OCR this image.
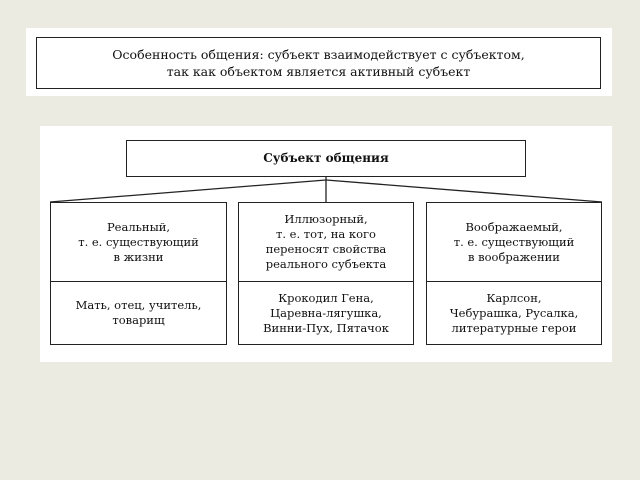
Особенность общения: субъект взаимодействует с субъектом,
так как объектом является активный субъект
Субъект общения
Реальный,
т. е. существующий
в жизни
Мать, отец, учитель,
товарищ
Иллюзорный,
т. е. тот, на кого
переносят свойства
реального субъекта
Крокодил Гена,
Царевна-лягушка,
Винни-Пух, Пятачок
Воображаемый,
т. е. существующий
в воображении
Карлсон,
Чебурашка, Русалка,
литературные герои
